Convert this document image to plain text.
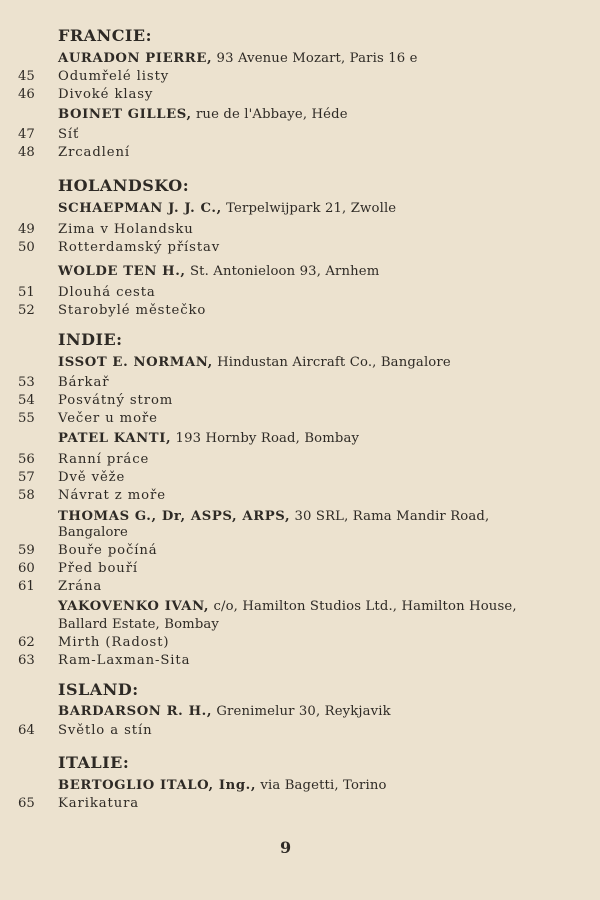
FRANCIE:
AURADON PIERRE, 93 Avenue Mozart, Paris 16 e
45	Odumřelé listy
46	Divoké klasy
BOINET GILLES, rue de l'Abbaye, Héde
47	Síť
48	Zrcadlení
HOLANDSKO:
SCHAEPMAN J. J. C., Terpelwijpark 21, Zwolle
49	Zima v Holandsku
50	Rotterdamský přístav
WOLDE TEN H., St. Antonieloon 93, Arnhem
51	Dlouhá cesta
52	Starobylé městečko
INDIE:
ISSOT E. NORMAN, Hindustan Aircraft Co., Bangalore
53	Bárkař
54	Posvátný strom
55	Večer u moře
PATEL KANTI, 193 Hornby Road, Bombay
56	Ranní práce
57	Dvě věže
58	Návrat z moře
THOMAS G., Dr, ASPS, ARPS, 30 SRL, Rama Mandir Road,
Bangalore
59	Bouře počíná
60	Před bouří
61	Zrána
YAKOVENKO IVAN, c/o, Hamilton Studios Ltd., Hamilton House,
Ballard Estate, Bombay
62	Mirth (Radost)
63	Ram-Laxman-Sita
ISLAND:
BARDARSON R. H., Grenimelur 30, Reykjavik
64	Světlo a stín
ITALIE:
BERTOGLIO ITALO, Ing., via Bagetti, Torino
65	Karikatura
9
